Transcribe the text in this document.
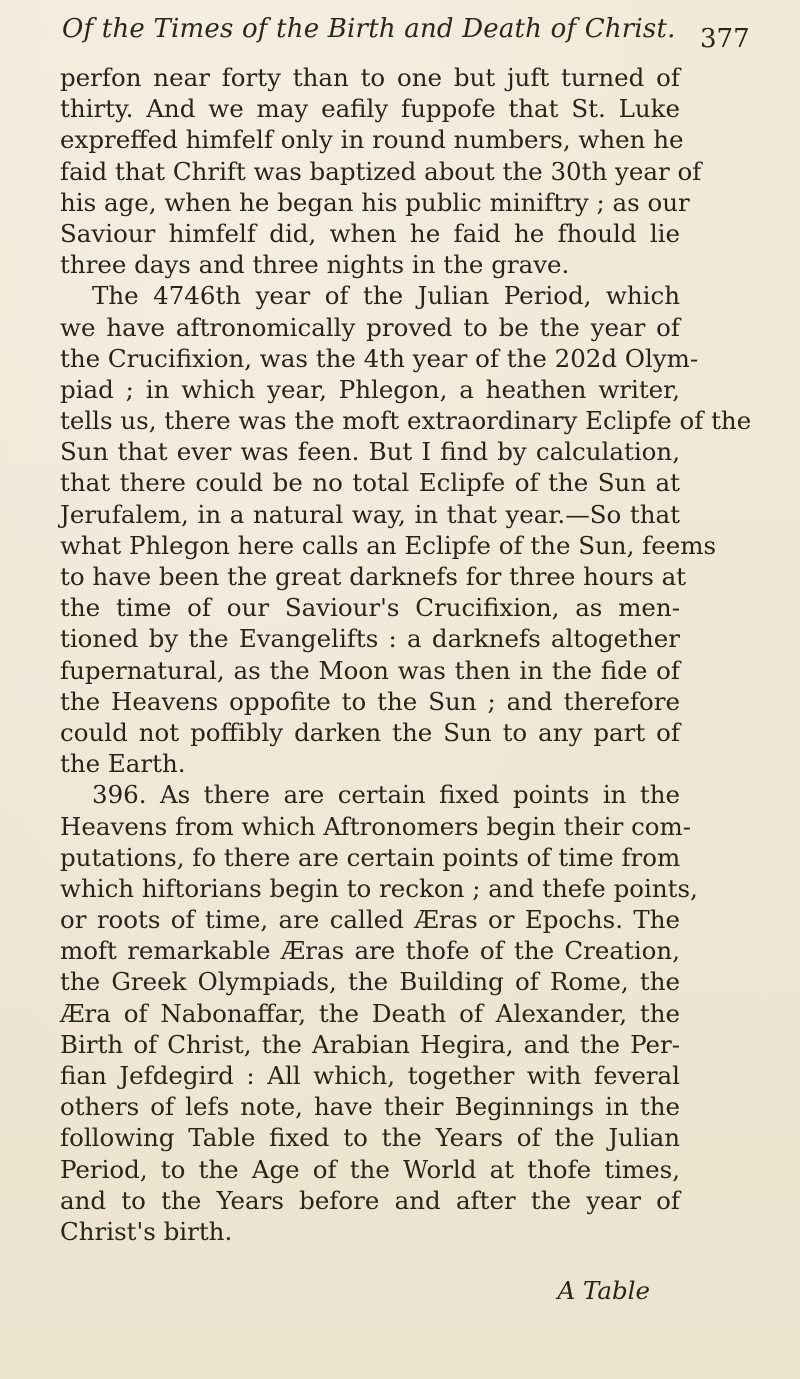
Of the Times of the Birth and Death of Christ. 377
perfon near forty than to one but juft turned of
thirty. And we may eafily fuppofe that St. Luke
expreffed himfelf only in round numbers, when he
faid that Chrift was baptized about the 30th year of
his age, when he began his public miniftry ; as our
Saviour himfelf did, when he faid he fhould lie
three days and three nights in the grave.
The 4746th year of the Julian Period, which
we have aftronomically proved to be the year of
the Crucifixion, was the 4th year of the 202d Olym-
piad ; in which year, Phlegon, a heathen writer,
tells us, there was the moft extraordinary Eclipfe of the
Sun that ever was feen. But I find by calculation,
that there could be no total Eclipfe of the Sun at
Jerufalem, in a natural way, in that year.—So that
what Phlegon here calls an Eclipfe of the Sun, feems
to have been the great darknefs for three hours at
the time of our Saviour's Crucifixion, as men-
tioned by the Evangelifts : a darknefs altogether
fupernatural, as the Moon was then in the fide of
the Heavens oppofite to the Sun ; and therefore
could not poffibly darken the Sun to any part of
the Earth.
396. As there are certain fixed points in the
Heavens from which Aftronomers begin their com-
putations, fo there are certain points of time from
which hiftorians begin to reckon ; and thefe points,
or roots of time, are called Æras or Epochs. The
moft remarkable Æras are thofe of the Creation,
the Greek Olympiads, the Building of Rome, the
Æra of Nabonaffar, the Death of Alexander, the
Birth of Christ, the Arabian Hegira, and the Per-
fian Jefdegird : All which, together with feveral
others of lefs note, have their Beginnings in the
following Table fixed to the Years of the Julian
Period, to the Age of the World at thofe times,
and to the Years before and after the year of
Christ's birth.
A Table
